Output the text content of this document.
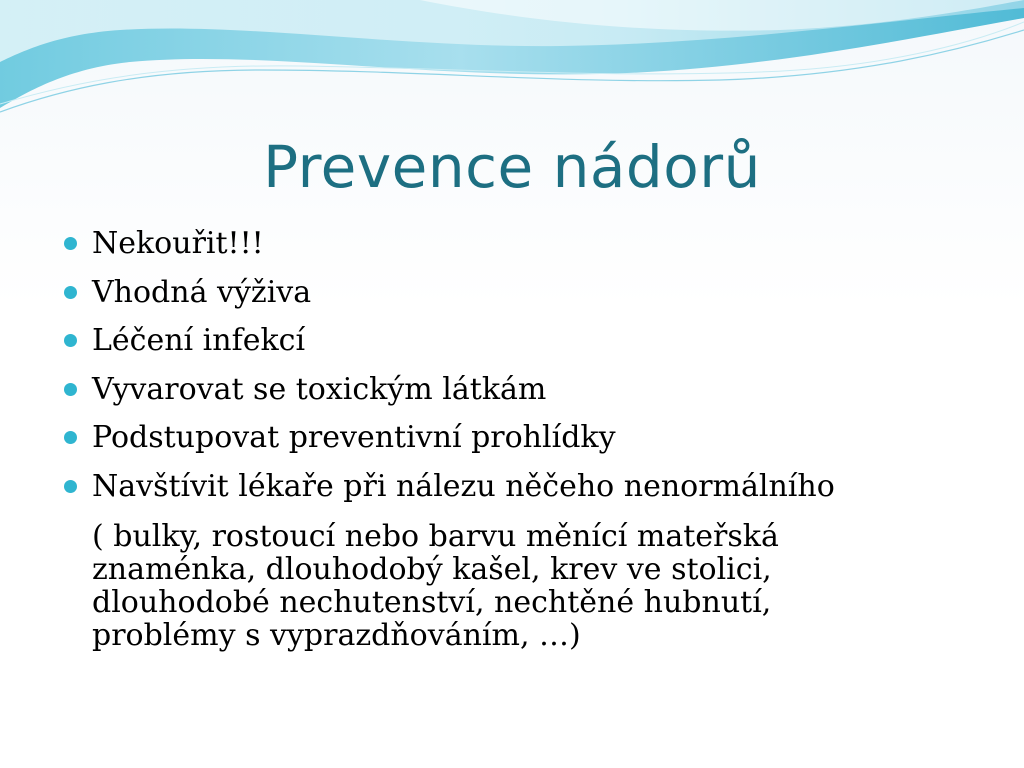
Prevence nádorů
Nekouřit!!!
Vhodná výživa
Léčení infekcí
Vyvarovat se toxickým látkám
Podstupovat preventivní prohlídky
Navštívit lékaře při nálezu něčeho nenormálního
( bulky, rostoucí nebo barvu měnící mateřská
znaménka, dlouhodobý kašel, krev ve stolici,
dlouhodobé nechutenství, nechtěné hubnutí,
problémy s vyprazdňováním, …)
